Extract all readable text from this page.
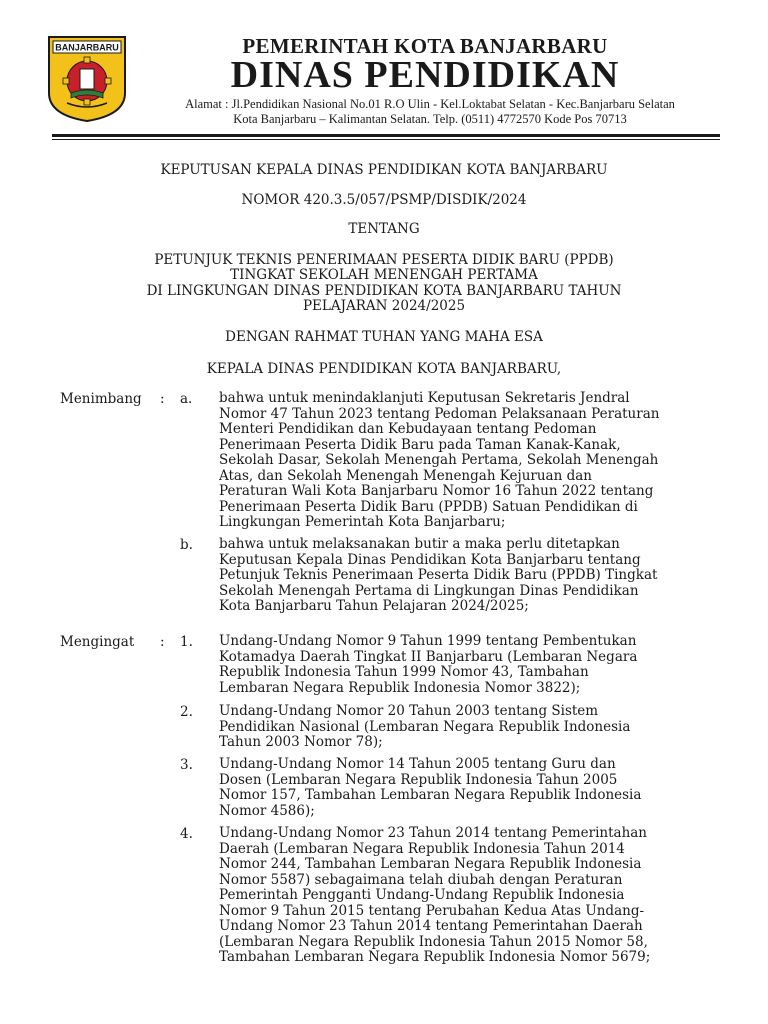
BANJARBARU	PEMERINTAH KOTA BANJARBARU
DINAS PENDIDIKAN
Alamat : Jl.Pendidikan Nasional No.01 R.O Ulin - Kel.Loktabat Selatan - Kec.Banjarbaru Selatan
Kota Banjarbaru – Kalimantan Selatan. Telp. (0511) 4772570 Kode Pos 70713
KEPUTUSAN KEPALA DINAS PENDIDIKAN KOTA BANJARBARU
NOMOR 420.3.5/057/PSMP/DISDIK/2024
TENTANG
PETUNJUK TEKNIS PENERIMAAN PESERTA DIDIK BARU (PPDB)
TINGKAT SEKOLAH MENENGAH PERTAMA
DI LINGKUNGAN DINAS PENDIDIKAN KOTA BANJARBARU TAHUN
PELAJARAN 2024/2025
DENGAN RAHMAT TUHAN YANG MAHA ESA
KEPALA DINAS PENDIDIKAN KOTA BANJARBARU,
Menimbang : a. bahwa untuk menindaklanjuti Keputusan Sekretaris Jendral

Nomor 47 Tahun 2023 tentang Pedoman Pelaksanaan Peraturan

Menteri Pendidikan dan Kebudayaan tentang Pedoman

Penerimaan Peserta Didik Baru pada Taman Kanak-Kanak,

Sekolah Dasar, Sekolah Menengah Pertama, Sekolah Menengah

Atas, dan Sekolah Menengah Menengah Kejuruan dan

Peraturan Wali Kota Banjarbaru Nomor 16 Tahun 2022 tentang

Penerimaan Peserta Didik Baru (PPDB) Satuan Pendidikan di

Lingkungan Pemerintah Kota Banjarbaru;

b. bahwa untuk melaksanakan butir a maka perlu ditetapkan

Keputusan Kepala Dinas Pendidikan Kota Banjarbaru tentang

Petunjuk Teknis Penerimaan Peserta Didik Baru (PPDB) Tingkat

Sekolah Menengah Pertama di Lingkungan Dinas Pendidikan

Kota Banjarbaru Tahun Pelajaran 2024/2025;

Mengingat : 1. Undang-Undang Nomor 9 Tahun 1999 tentang Pembentukan

Kotamadya Daerah Tingkat II Banjarbaru (Lembaran Negara

Republik Indonesia Tahun 1999 Nomor 43, Tambahan

Lembaran Negara Republik Indonesia Nomor 3822);

2. Undang-Undang Nomor 20 Tahun 2003 tentang Sistem

Pendidikan Nasional (Lembaran Negara Republik Indonesia

Tahun 2003 Nomor 78);

3. Undang-Undang Nomor 14 Tahun 2005 tentang Guru dan

Dosen (Lembaran Negara Republik Indonesia Tahun 2005

Nomor 157, Tambahan Lembaran Negara Republik Indonesia

Nomor 4586);

4. Undang-Undang Nomor 23 Tahun 2014 tentang Pemerintahan

Daerah (Lembaran Negara Republik Indonesia Tahun 2014

Nomor 244, Tambahan Lembaran Negara Republik Indonesia

Nomor 5587) sebagaimana telah diubah dengan Peraturan

Pemerintah Pengganti Undang-Undang Republik Indonesia

Nomor 9 Tahun 2015 tentang Perubahan Kedua Atas Undang-

Undang Nomor 23 Tahun 2014 tentang Pemerintahan Daerah

(Lembaran Negara Republik Indonesia Tahun 2015 Nomor 58,

Tambahan Lembaran Negara Republik Indonesia Nomor 5679;
